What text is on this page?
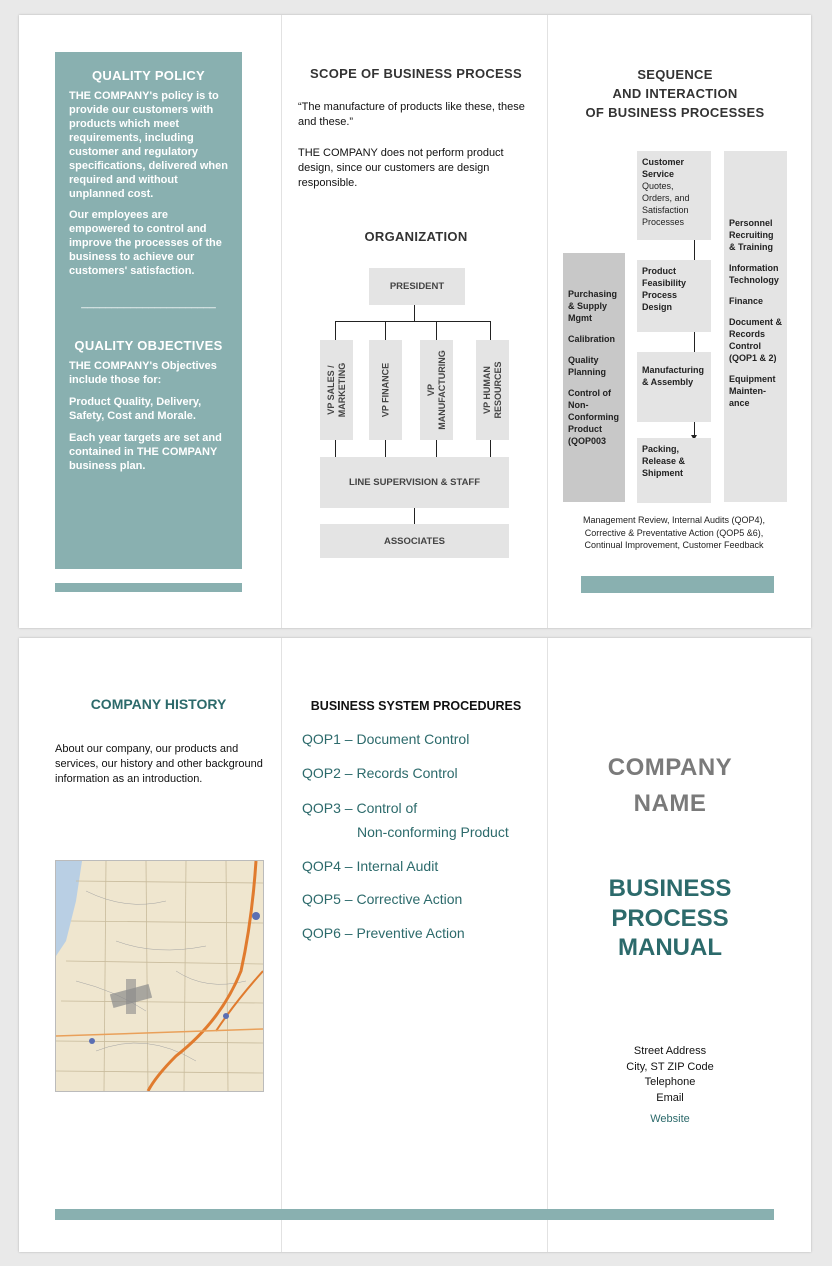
QUALITY POLICY

THE COMPANY's policy is to provide our customers with products which meet requirements, including customer and regulatory specifications, delivered when required and without unplanned cost.

Our employees are empowered to control and improve the processes of the business to achieve our customers' satisfaction.

______________________

QUALITY OBJECTIVES

THE COMPANY's Objectives include those for:

Product Quality, Delivery, Safety, Cost and Morale.

Each year targets are set and contained in THE COMPANY business plan.

SCOPE OF BUSINESS PROCESS
“The manufacture of products like these, these and these.”
THE COMPANY does not perform product design, since our customers are design responsible.
ORGANIZATION
PRESIDENT
VP SALES /
MARKETING	VP FINANCE	VP
MANUFACTURING	VP HUMAN
RESOURCES
LINE SUPERVISION & STAFF
ASSOCIATES
SEQUENCE
AND INTERACTION
OF BUSINESS PROCESSES
Purchasing & Supply Mgmt
Calibration
Quality Planning
Control of Non-Conforming Product (QOP003
Customer Service
Quotes, Orders, and Satisfaction Processes
Product Feasibility Process Design
Manufacturing & Assembly
Packing, Release & Shipment
Personnel Recruiting & Training
Information Technology
Finance
Document & Records Control (QOP1 & 2)
Equipment Mainten-ance
Management Review, Internal Audits (QOP4), Corrective & Preventative Action (QOP5 &6), Continual Improvement, Customer Feedback
COMPANY HISTORY
About our company, our products and services, our history and other background information as an introduction.
BUSINESS SYSTEM PROCEDURES
QOP1 – Document Control
QOP2 – Records Control
QOP3 – Control of
Non-conforming Product
QOP4 – Internal Audit
QOP5 – Corrective Action
QOP6 – Preventive Action
COMPANY
NAME
BUSINESS
PROCESS
MANUAL
Street Address
City, ST ZIP Code
Telephone
Email
Website
